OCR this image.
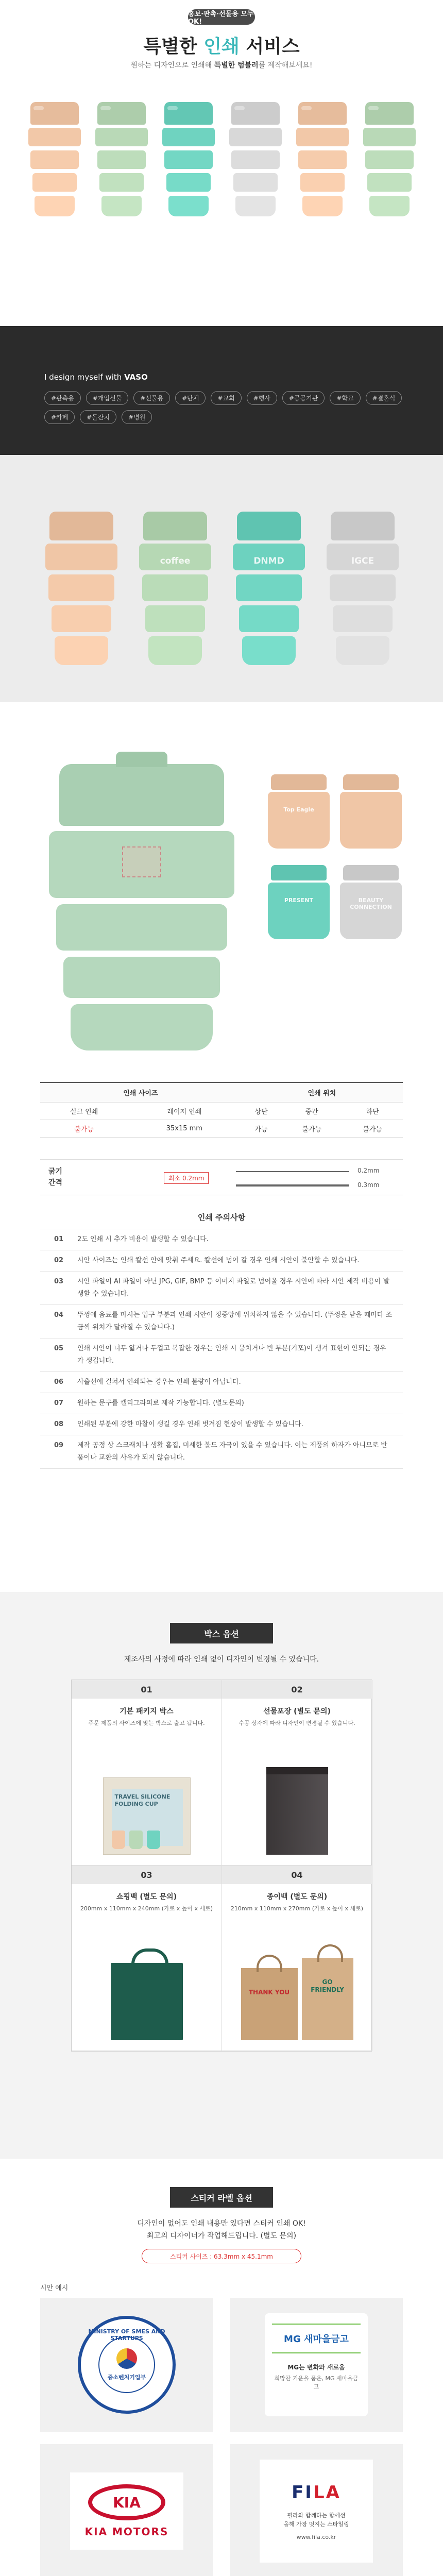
홍보·판촉·선물용 모두 OK!
특별한 인쇄 서비스

원하는 디자인으로 인쇄해 특별한 텀블러를 제작해보세요!

I design myself with VASO
#판촉용	#개업선물	#선물용	#단체	#교회	#행사	#공공기관	#학교	#결혼식
#카페	#돌잔치	#병원
coffee	DNMD	IGCE
Top Eagle
PRESENT	BEAUTY CONNECTION
인쇄 사이즈		인쇄 위치		
실크 인쇄	레이저 인쇄	상단	중간	하단
불가능	35x15 mm	가능	불가능	불가능
굵기
간격
최소 0.2mm
0.2mm
0.3mm
인쇄 주의사항
01	2도 인쇄 시 추가 비용이 발생할 수 있습니다.
02	시안 사이즈는 인쇄 칼선 안에 맞춰 주세요. 칼선에 넘어 갈 경우 인쇄 시안이 불안할 수 있습니다.
03	시안 파일이 AI 파일이 아닌 JPG, GIF, BMP 등 이미지 파일로 넘어올 경우 시안에 따라 시안 제작 비용이 발생할 수 있습니다.
04	뚜껑에 음료를 마시는 입구 부분과 인쇄 시안이 정중앙에 위치하지 않을 수 있습니다. (뚜껑을 닫을 때마다 조금씩 위치가 달라질 수 있습니다.)
05	인쇄 시안이 너무 얇거나 두껍고 복잡한 경우는 인쇄 시 뭉치거나 빈 부분(기포)이 생겨 표현이 안되는 경우가 생깁니다.
06	사출선에 걸쳐서 인쇄되는 경우는 인쇄 불량이 아닙니다.
07	원하는 문구를 캘리그라피로 제작 가능합니다. (별도문의)
08	인쇄된 부분에 강한 마찰이 생길 경우 인쇄 벗겨짐 현상이 발생할 수 있습니다.
09	제작 공정 상 스크래치나 생활 흠집, 미세한 볼드 자국이 있을 수 있습니다. 이는 제품의 하자가 아니므로 반품이나 교환의 사유가 되지 않습니다.
박스 옵션
제조사의 사정에 따라 인쇄 없이 디자인이 변경될 수 있습니다.
01
기본 패키지 박스
주문 제품의 사이즈에 맞는 박스로 출고 됩니다.
TRAVEL SILICONE FOLDING CUP
02
선물포장 (별도 문의)
수공 상자에 따라 디자인이 변경될 수 있습니다.
03
쇼핑백 (별도 문의)
200mm x 110mm x 240mm (가로 x 높이 x 세로)
04
종이백 (별도 문의)
210mm x 110mm x 270mm (가로 x 높이 x 세로)
THANK YOU
GO FRIENDLY
스티커 라벨 옵션
디자인이 없어도 인쇄 내용만 있다면 스티커 인쇄 OK!
최고의 디자이너가 작업해드립니다. (별도 문의)
스티커 사이즈 : 63.3mm x 45.1mm
시안 예시
MINISTRY OF SMES AND STARTUPS
중소벤처기업부
MG 새마을금고
MG는 변화와 새로움
희망찬 기운을 품은, MG 새마을금고
KIA
KIA MOTORS
FILA
필라와 함께하는 함께선
올해 가장 멋지는 스타일링
www.fila.co.kr
